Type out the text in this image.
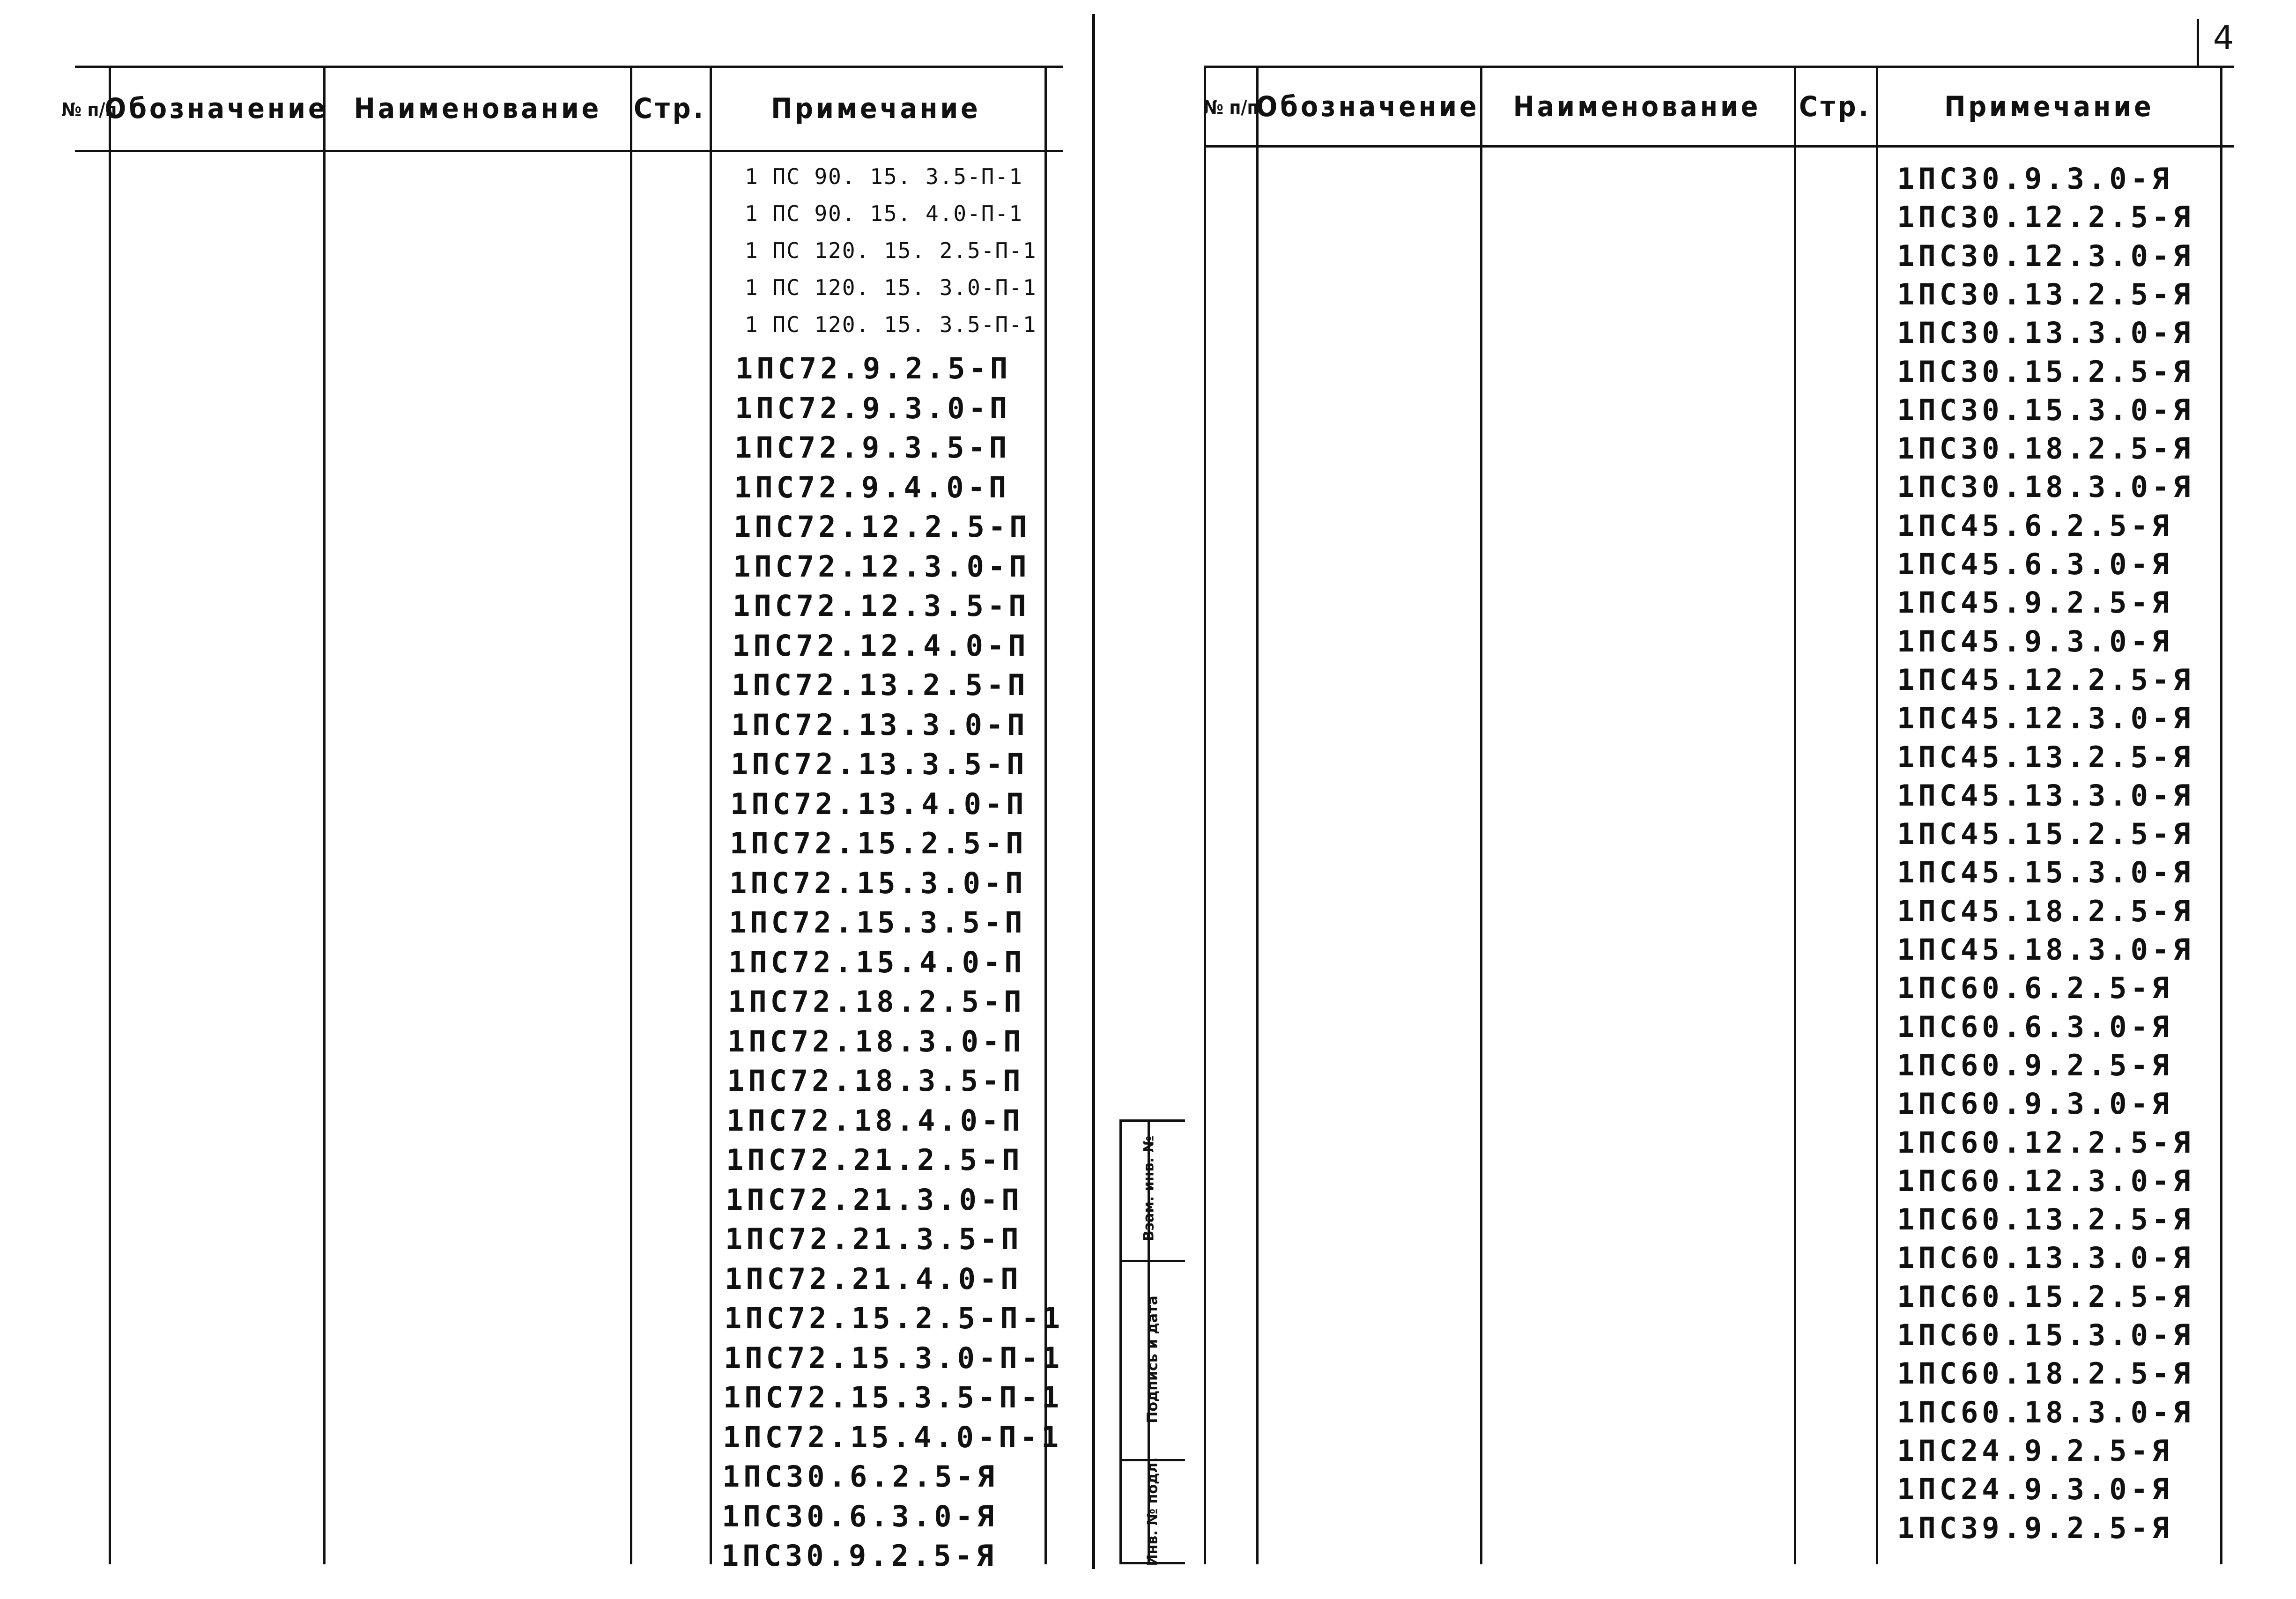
№ п/п
Обозначение Наименование Стр. Примечание
1 ПС 90. 15. 3.5-П-1
1 ПС 90. 15. 4.0-П-1
1 ПС 120. 15. 2.5-П-1
1 ПС 120. 15. 3.0-П-1
1 ПС 120. 15. 3.5-П-1
1ПС72.9.2.5-П
1ПС72.9.3.0-П
1ПС72.9.3.5-П
1ПС72.9.4.0-П
1ПС72.12.2.5-П
1ПС72.12.3.0-П
1ПС72.12.3.5-П
1ПС72.12.4.0-П
1ПС72.13.2.5-П
1ПС72.13.3.0-П
1ПС72.13.3.5-П
1ПС72.13.4.0-П
1ПС72.15.2.5-П
1ПС72.15.3.0-П
1ПС72.15.3.5-П
1ПС72.15.4.0-П
1ПС72.18.2.5-П
1ПС72.18.3.0-П
1ПС72.18.3.5-П
1ПС72.18.4.0-П
1ПС72.21.2.5-П
1ПС72.21.3.0-П
1ПС72.21.3.5-П
1ПС72.21.4.0-П
1ПС72.15.2.5-П-1
1ПС72.15.3.0-П-1
1ПС72.15.3.5-П-1
1ПС72.15.4.0-П-1
1ПС30.6.2.5-Я
1ПС30.6.3.0-Я
1ПС30.9.2.5-Я
Взам. инв. №
Подпись и дата
Инв. № подл.
№ п/п
Обозначение Наименование Стр.	Примечание
1ПС30.9.3.0-Я
1ПС30.12.2.5-Я
1ПС30.12.3.0-Я
1ПС30.13.2.5-Я
1ПС30.13.3.0-Я
1ПС30.15.2.5-Я
1ПС30.15.3.0-Я
1ПС30.18.2.5-Я
1ПС30.18.3.0-Я
1ПС45.6.2.5-Я
1ПС45.6.3.0-Я
1ПС45.9.2.5-Я
1ПС45.9.3.0-Я
1ПС45.12.2.5-Я
1ПС45.12.3.0-Я
1ПС45.13.2.5-Я
1ПС45.13.3.0-Я
1ПС45.15.2.5-Я
1ПС45.15.3.0-Я
1ПС45.18.2.5-Я
1ПС45.18.3.0-Я
1ПС60.6.2.5-Я
1ПС60.6.3.0-Я
1ПС60.9.2.5-Я
1ПС60.9.3.0-Я
1ПС60.12.2.5-Я
1ПС60.12.3.0-Я
1ПС60.13.2.5-Я
1ПС60.13.3.0-Я
1ПС60.15.2.5-Я
1ПС60.15.3.0-Я
1ПС60.18.2.5-Я
1ПС60.18.3.0-Я
1ПС24.9.2.5-Я
1ПС24.9.3.0-Я
1ПС39.9.2.5-Я
4
